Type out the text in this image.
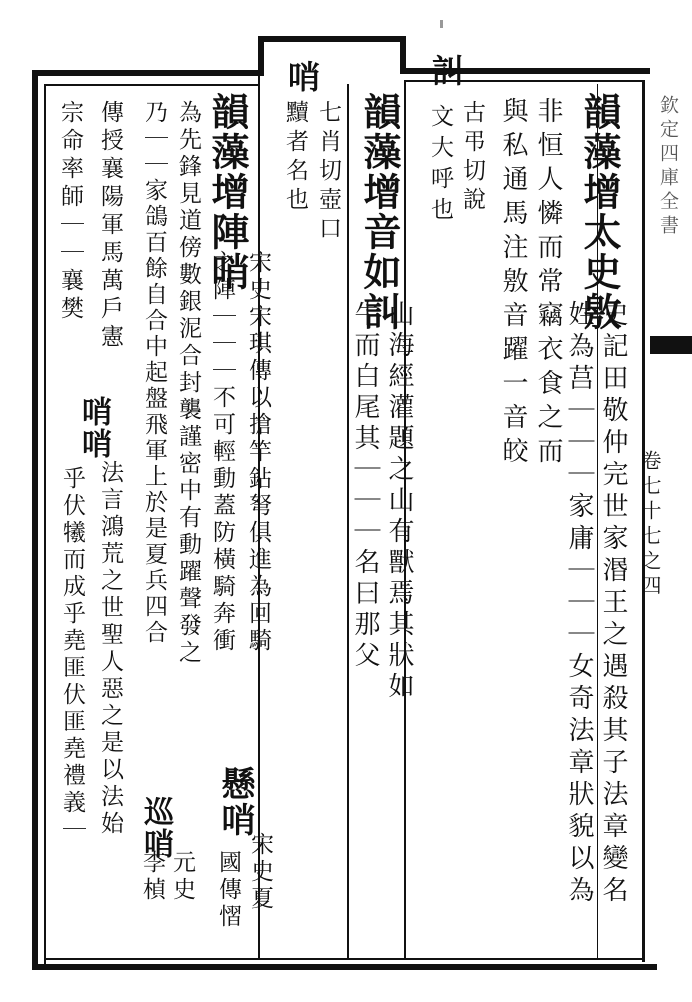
欽定四庫全書
卷七十七之四
韻藻增太史敫
史記田敬仲完世家湣王之遇殺其子法章變名
姓為莒｜｜｜家庸｜｜｜女奇法章狀貌以為
非恒人憐而常竊衣食之而
與私通馬注敫音躍一音皎
訆
古弔切說
文大呼也
韻藻增音如訆
山海經灌題之山有獸焉其狀如
牛而白尾其｜｜｜名曰那父
哨
七肖切壺口
黷者名也
韻藻增陣哨
宋史宋琪傳以搶竿鉆弩俱進為回騎
之陣｜｜｜不可輕動蓋防橫騎奔衝
懸哨
宋史夏
國傳慴
為先鋒見道傍數銀泥合封襲謹密中有動躍聲發之
乃｜｜家鴿百餘自合中起盤飛軍上於是夏兵四合
巡哨
元史
李楨
傳授襄陽軍馬萬戶憲
哨哨
法言鴻荒之世聖人惡之是以法始
宗命率師｜｜襄樊
乎伏犧而成乎堯匪伏匪堯禮義｜
